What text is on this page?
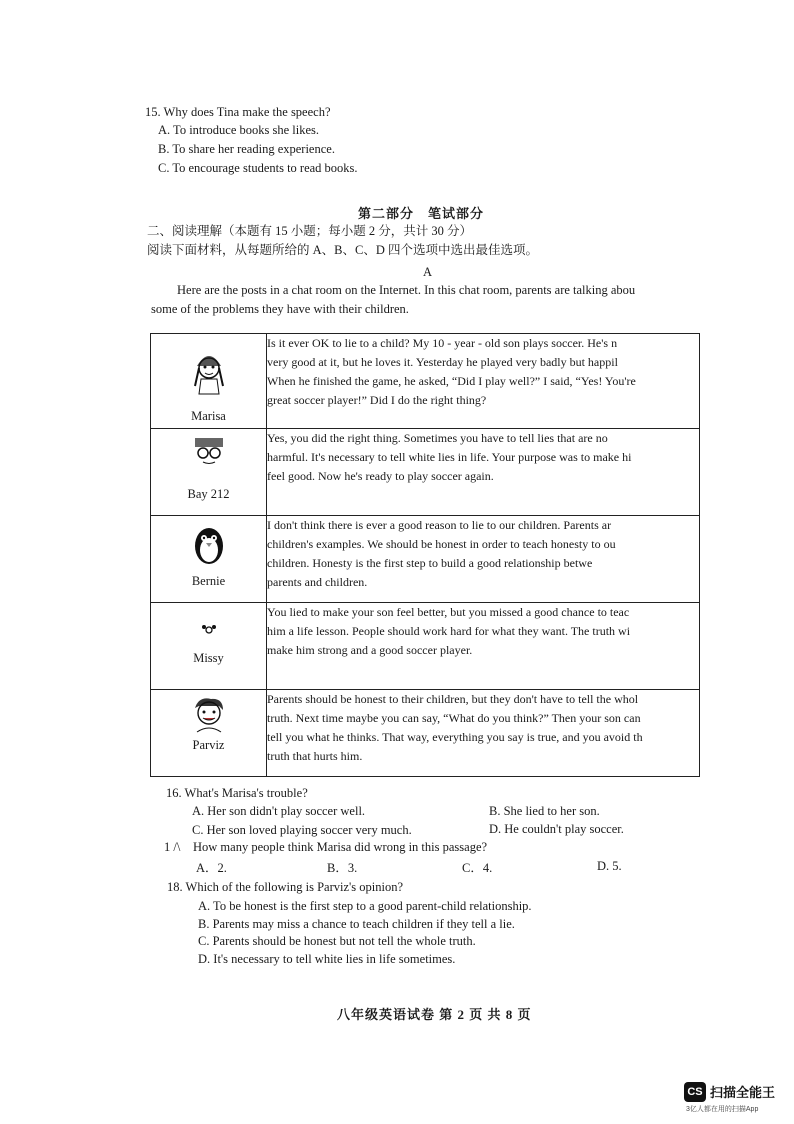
15. Why does Tina make the speech?
A. To introduce books she likes.
B. To share her reading experience.
C. To encourage students to read books.
第二部分　笔试部分
二、阅读理解（本题有 15 小题；每小题 2 分，共计 30 分）
阅读下面材料，从每题所给的 A、B、C、D 四个选项中选出最佳选项。
A
Here are the posts in a chat room on the Internet. In this chat room, parents are talking abou
some of the problems they have with their children.
Marisa	Is it ever OK to lie to a child? My 10 - year - old son plays soccer. He's n
very good at it, but he loves it. Yesterday he played very badly but happil
When he finished the game, he asked, “Did I play well?” I said, “Yes! You're
great soccer player!” Did I do the right thing?

Bay 212	Yes, you did the right thing. Sometimes you have to tell lies that are no
harmful. It's necessary to tell white lies in life. Your purpose was to make hi
feel good. Now he's ready to play soccer again.

Bernie	I don't think there is ever a good reason to lie to our children. Parents ar
children's examples. We should be honest in order to teach honesty to ou
children. Honesty is the first step to build a good relationship betwe
parents and children.

Missy	You lied to make your son feel better, but you missed a good chance to teac
him a life lesson. People should work hard for what they want. The truth wi
make him strong and a good soccer player.

Parviz	Parents should be honest to their children, but they don't have to tell the whol
truth. Next time maybe you can say, “What do you think?” Then your son can
tell you what he thinks. That way, everything you say is true, and you avoid th
truth that hurts him.
16. What's Marisa's trouble?
A. Her son didn't play soccer well.	B. She lied to her son.
C. Her son loved playing soccer very much.	D. He couldn't play soccer.
1 /\ How many people think Marisa did wrong in this passage?
A．2.	B．3.	C．4.	D. 5.
18. Which of the following is Parviz's opinion?
A. To be honest is the first step to a good parent-child relationship.
B. Parents may miss a chance to teach children if they tell a lie.
C. Parents should be honest but not tell the whole truth.
D. It's necessary to tell white lies in life sometimes.
八年级英语试卷 第 2 页 共 8 页
CS 扫描全能王
3亿人都在用的扫描App
